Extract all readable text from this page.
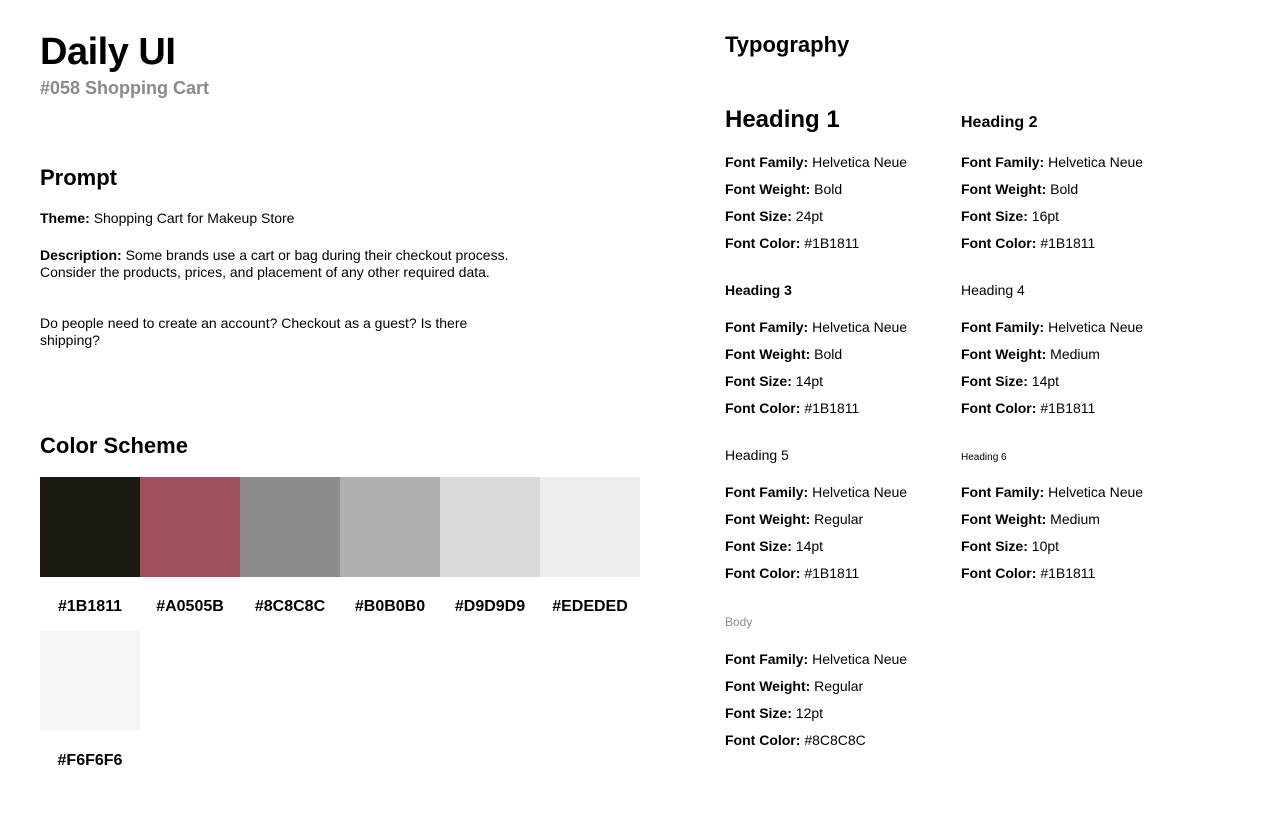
Daily UI
#058 Shopping Cart
Prompt
Theme: Shopping Cart for Makeup Store
Description: Some brands use a cart or bag during their checkout process. Consider the products, prices, and placement of any other required data.
Do people need to create an account? Checkout as a guest? Is there shipping?
Color Scheme
#1B1811	#A0505B	#8C8C8C	#B0B0B0	#D9D9D9	#EDEDED
#F6F6F6
Typography
Heading 1
Font Family: Helvetica Neue
Font Weight: Bold
Font Size: 24pt
Font Color: #1B1811
Heading 2
Font Family: Helvetica Neue
Font Weight: Bold
Font Size: 16pt
Font Color: #1B1811
Heading 3
Font Family: Helvetica Neue
Font Weight: Bold
Font Size: 14pt
Font Color: #1B1811
Heading 4
Font Family: Helvetica Neue
Font Weight: Medium
Font Size: 14pt
Font Color: #1B1811
Heading 5
Font Family: Helvetica Neue
Font Weight: Regular
Font Size: 14pt
Font Color: #1B1811
Heading 6
Font Family: Helvetica Neue
Font Weight: Medium
Font Size: 10pt
Font Color: #1B1811
Body
Font Family: Helvetica Neue
Font Weight: Regular
Font Size: 12pt
Font Color: #8C8C8C
